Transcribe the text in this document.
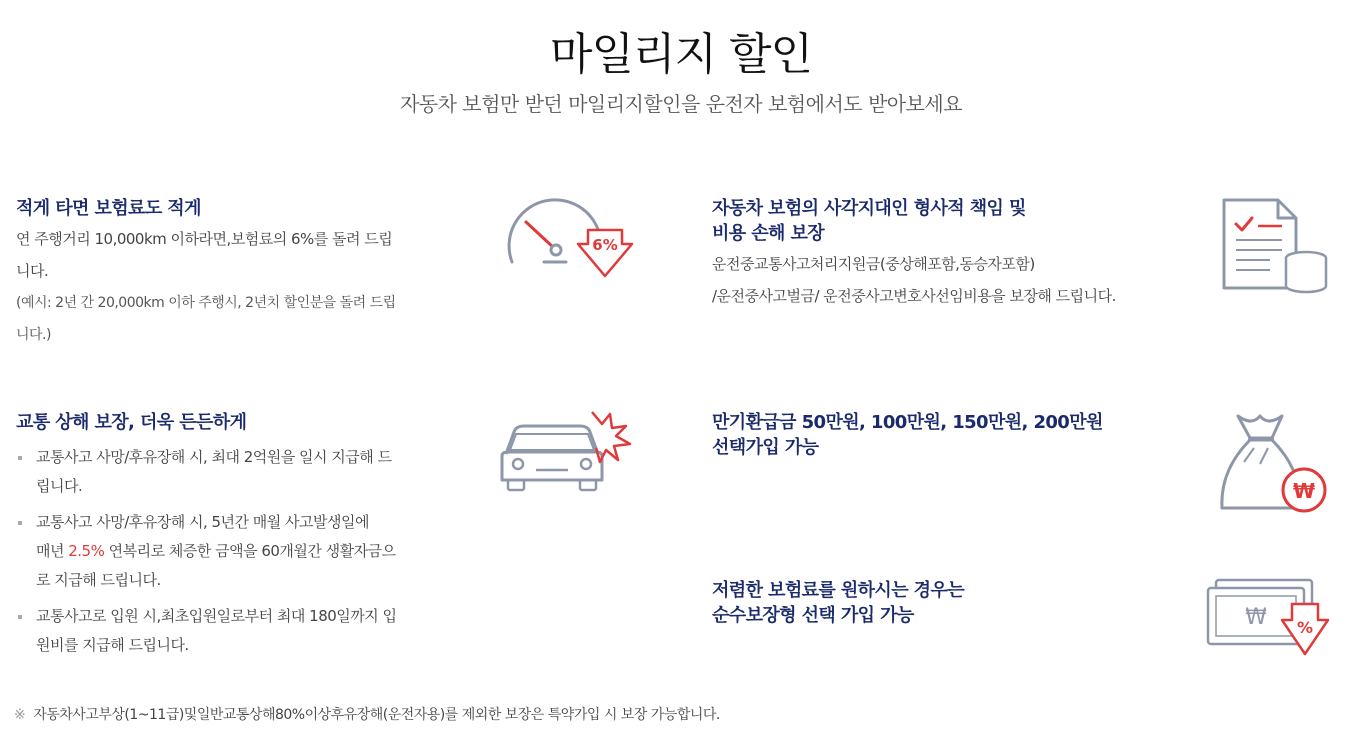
마일리지 할인

자동차 보험만 받던 마일리지할인을 운전자 보험에서도 받아보세요

적게 타면 보험료도 적게
연 주행거리 10,000km 이하라면,보험료의 6%를 돌려 드립니다.
(예시: 2년 간 20,000km 이하 주행시, 2년치 할인분을 돌려 드립니다.)
6%
교통 상해 보장, 더욱 든든하게
교통사고 사망/후유장해 시, 최대 2억원을 일시 지급해 드립니다.
교통사고 사망/후유장해 시, 5년간 매월 사고발생일에
매년 2.5% 연복리로 체증한 금액을 60개월간 생활자금으로 지급해 드립니다.
교통사고로 입원 시,최초입원일로부터 최대 180일까지 입원비를 지급해 드립니다.
자동차 보험의 사각지대인 형사적 책임 및
비용 손해 보장
운전중교통사고처리지원금(중상해포함,동승자포함)
/운전중사고벌금/ 운전중사고변호사선임비용을 보장해 드립니다.
만기환급금 50만원, 100만원, 150만원, 200만원
선택가입 가능
₩
저렴한 보험료를 원하시는 경우는
순수보장형 선택 가입 가능	₩ %
※ 자동차사고부상(1~11급)및일반교통상해80%이상후유장해(운전자용)를 제외한 보장은 특약가입 시 보장 가능합니다.
